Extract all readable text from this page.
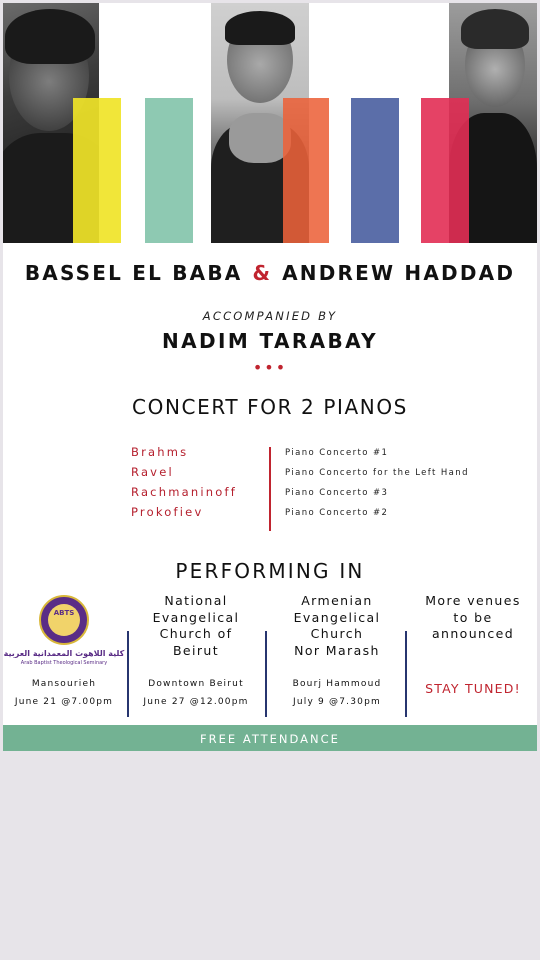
BASSEL EL BABA & ANDREW HADDAD
ACCOMPANIED BY
NADIM TARABAY
•••
CONCERT FOR 2 PIANOS
Brahms	Piano Concerto #1
Ravel	Piano Concerto for the Left Hand
Rachmaninoff	Piano Concerto #3
Prokofiev	Piano Concerto #2
PERFORMING IN
ABTS
كلية اللاهوت المعمدانية العربية
Arab Baptist Theological Seminary
Mansourieh
June 21 @7.00pm
National
Evangelical
Church of
Beirut
Downtown Beirut
June 27 @12.00pm
Armenian
Evangelical
Church
Nor Marash
Bourj Hammoud
July 9 @7.30pm
More venues
to be
announced
STAY TUNED!
FREE ATTENDANCE
